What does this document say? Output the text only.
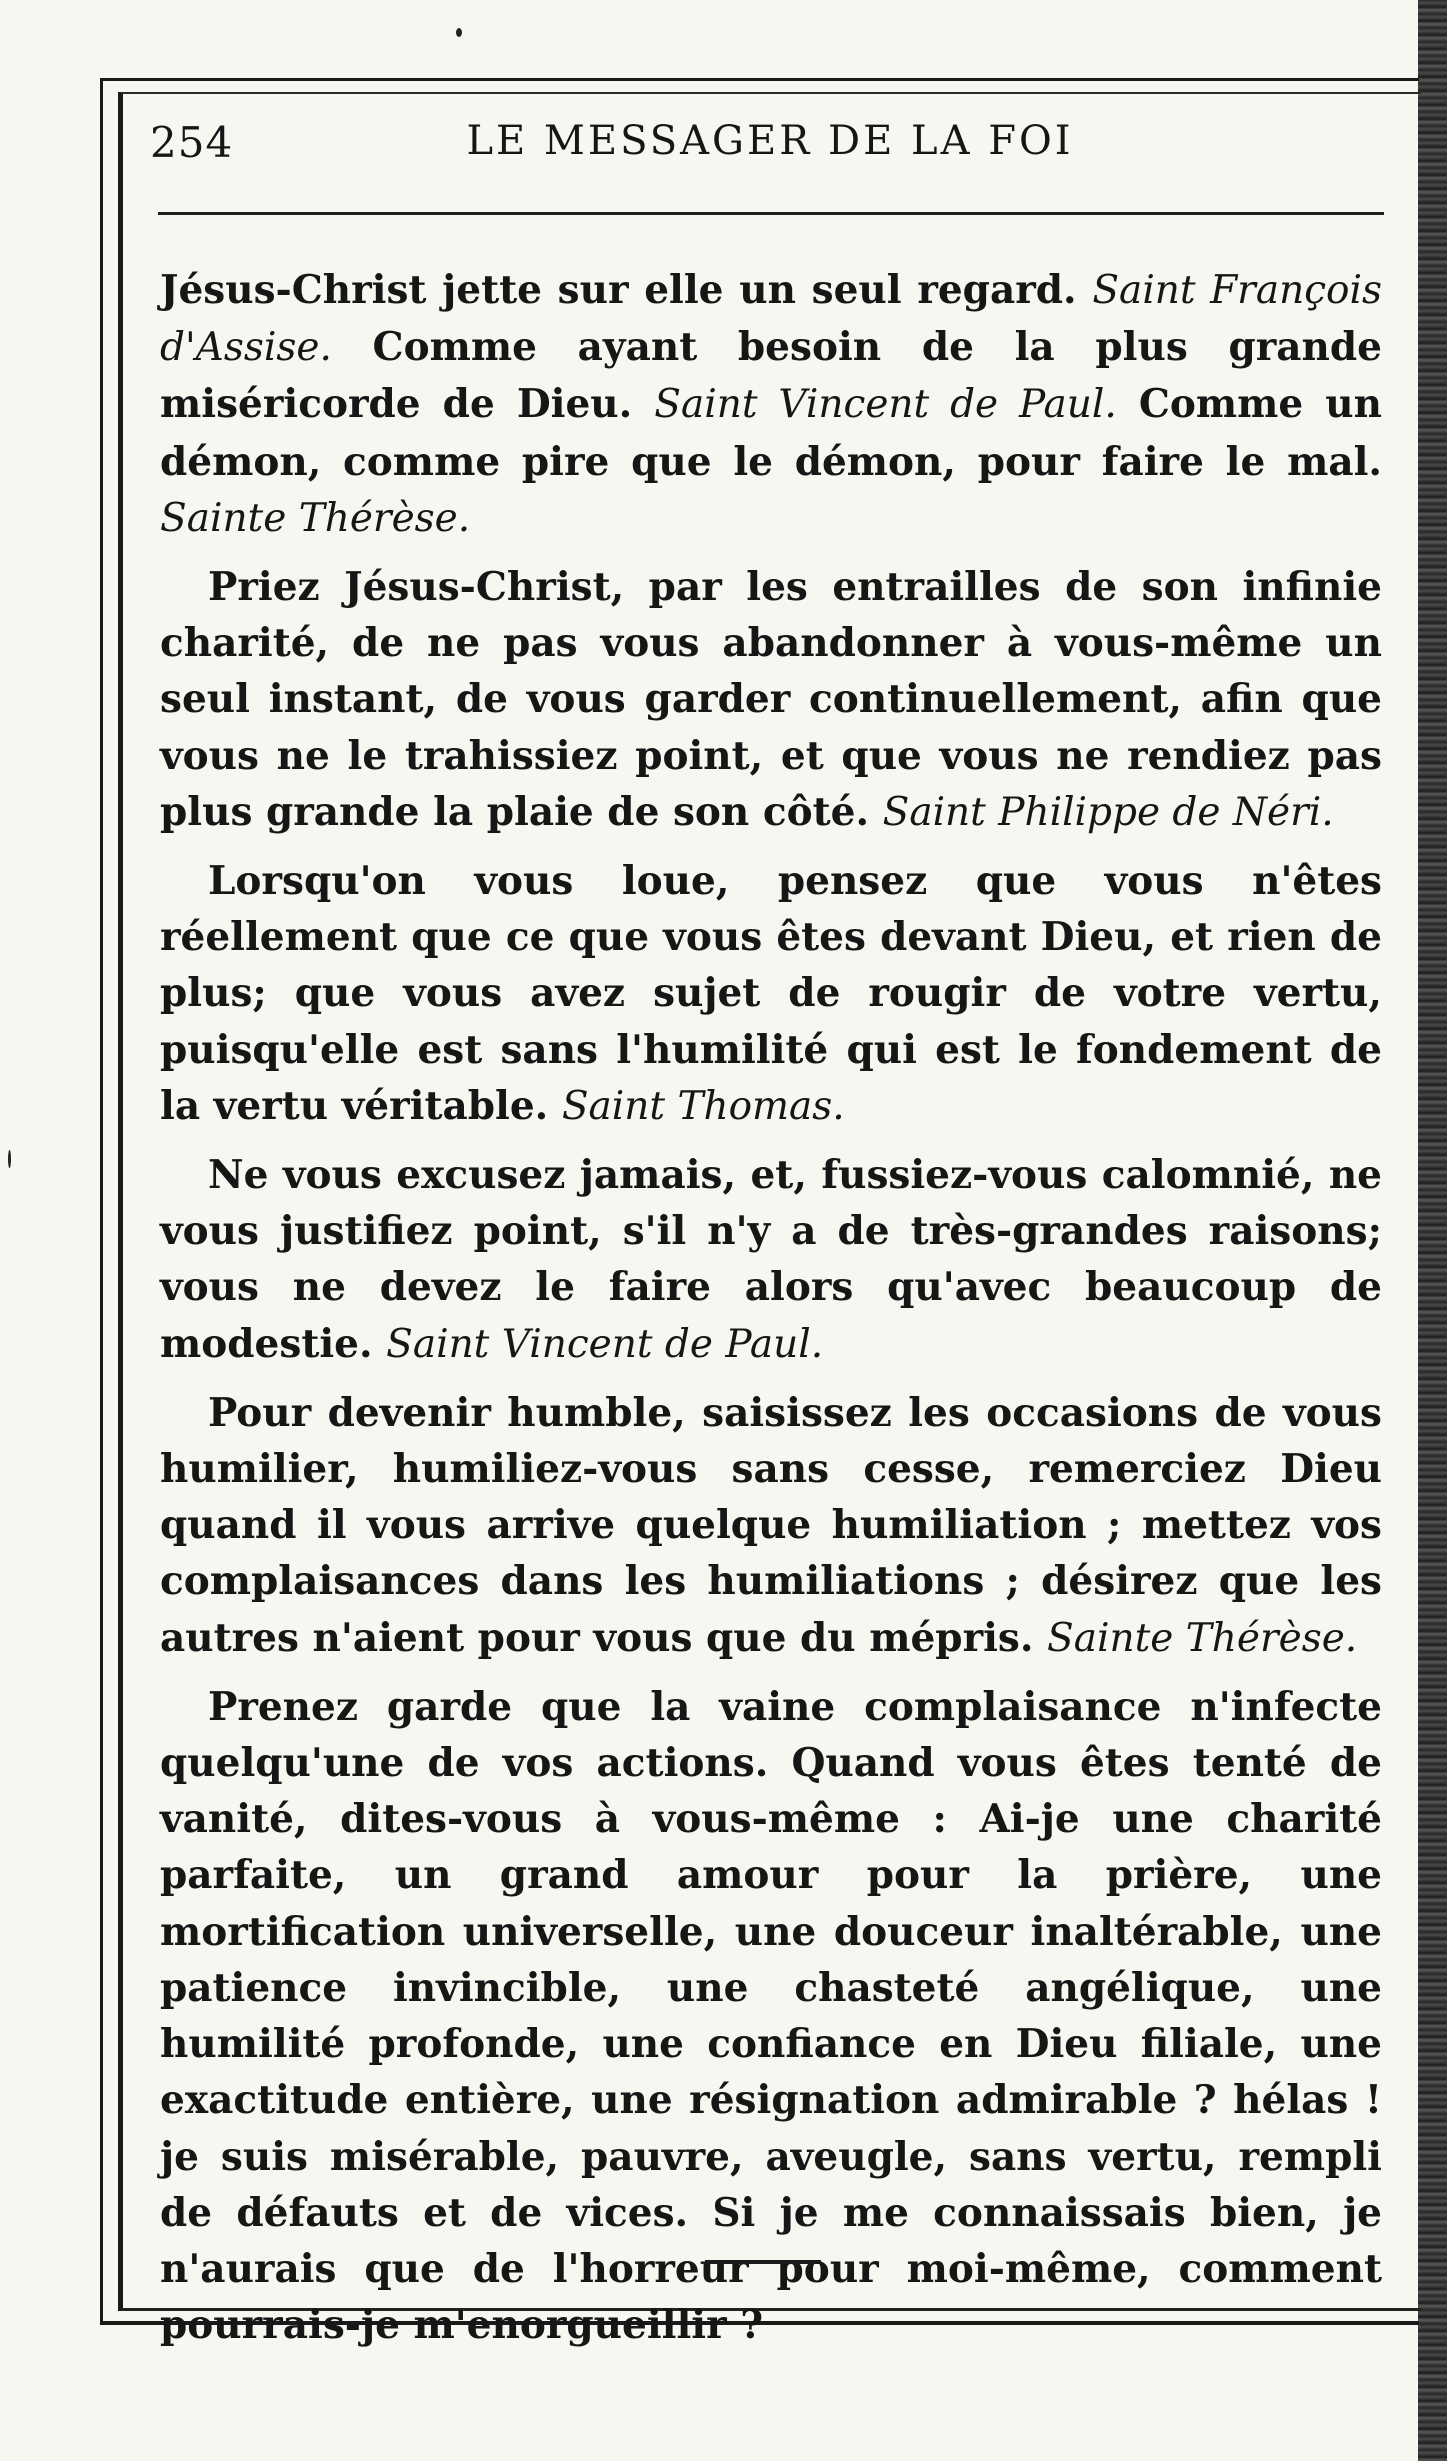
254	LE MESSAGER DE LA FOI

Jésus-Christ jette sur elle un seul regard. Saint François d'Assise. Comme ayant besoin de la plus grande miséricorde de Dieu. Saint Vincent de Paul. Comme un démon, comme pire que le démon, pour faire le mal. Sainte Thérèse.

Priez Jésus-Christ, par les entrailles de son infinie charité, de ne pas vous abandonner à vous-même un seul instant, de vous garder continuellement, afin que vous ne le trahissiez point, et que vous ne rendiez pas plus grande la plaie de son côté. Saint Philippe de Néri.

Lorsqu'on vous loue, pensez que vous n'êtes réellement que ce que vous êtes devant Dieu, et rien de plus; que vous avez sujet de rougir de votre vertu, puisqu'elle est sans l'humilité qui est le fondement de la vertu véritable. Saint Thomas.

Ne vous excusez jamais, et, fussiez-vous calomnié, ne vous justifiez point, s'il n'y a de très-grandes raisons; vous ne devez le faire alors qu'avec beaucoup de modestie. Saint Vincent de Paul.

Pour devenir humble, saisissez les occasions de vous humilier, humiliez-vous sans cesse, remerciez Dieu quand il vous arrive quelque humiliation ; mettez vos complaisances dans les humiliations ; désirez que les autres n'aient pour vous que du mépris. Sainte Thérèse.

Prenez garde que la vaine complaisance n'infecte quelqu'une de vos actions. Quand vous êtes tenté de vanité, dites-vous à vous-même : Ai-je une charité parfaite, un grand amour pour la prière, une mortification universelle, une douceur inaltérable, une patience invincible, une chasteté angélique, une humilité profonde, une confiance en Dieu filiale, une exactitude entière, une résignation admirable ? hélas ! je suis misérable, pauvre, aveugle, sans vertu, rempli de défauts et de vices. Si je me connaissais bien, je n'aurais que de l'horreur pour moi-même, comment pourrais-je m'enorgueillir ?
